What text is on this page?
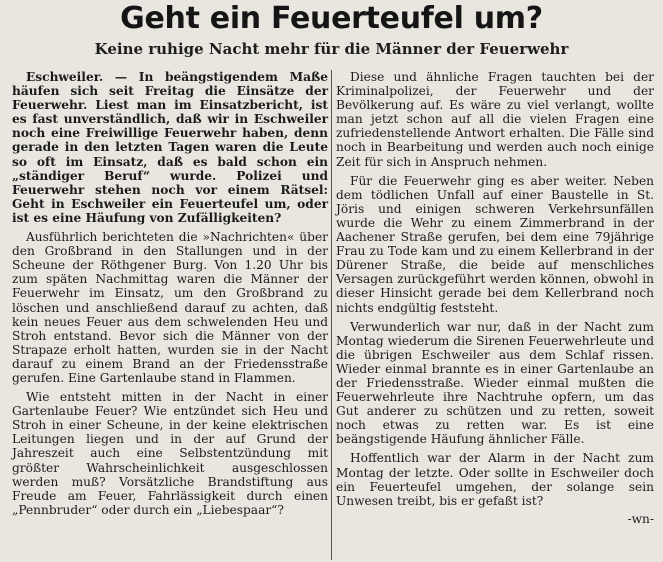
Geht ein Feuerteufel um?
Keine ruhige Nacht mehr für die Männer der Feuerwehr

Eschweiler. — In beängstigendem Maße häufen sich seit Freitag die Einsätze der Feuerwehr. Liest man im Einsatzbericht, ist es fast unverständlich, daß wir in Eschweiler noch eine Freiwillige Feuerwehr haben, denn gerade in den letzten Tagen waren die Leute so oft im Einsatz, daß es bald schon ein „ständiger Beruf“ wurde. Polizei und Feuerwehr stehen noch vor einem Rätsel: Geht in Eschweiler ein Feuerteufel um, oder ist es eine Häufung von Zufälligkeiten?

Ausführlich berichteten die »Nachrichten« über den Großbrand in den Stallungen und in der Scheune der Röthgener Burg. Von 1.20 Uhr bis zum späten Nachmittag waren die Männer der Feuerwehr im Einsatz, um den Großbrand zu löschen und anschließend darauf zu achten, daß kein neues Feuer aus dem schwelenden Heu und Stroh entstand. Bevor sich die Männer von der Strapaze erholt hatten, wurden sie in der Nacht darauf zu einem Brand an der Friedensstraße gerufen. Eine Gartenlaube stand in Flammen.

Wie entsteht mitten in der Nacht in einer Gartenlaube Feuer? Wie entzündet sich Heu und Stroh in einer Scheune, in der keine elektrischen Leitungen liegen und in der auf Grund der Jahreszeit auch eine Selbstentzündung mit größter Wahrscheinlichkeit ausgeschlossen werden muß? Vorsätzliche Brandstiftung aus Freude am Feuer, Fahrlässigkeit durch einen „Pennbruder“ oder durch ein „Liebespaar“?

Diese und ähnliche Fragen tauchten bei der Kriminalpolizei, der Feuerwehr und der Bevölkerung auf. Es wäre zu viel verlangt, wollte man jetzt schon auf all die vielen Fragen eine zufriedenstellende Antwort erhalten. Die Fälle sind noch in Bearbeitung und werden auch noch einige Zeit für sich in Anspruch nehmen.

Für die Feuerwehr ging es aber weiter. Neben dem tödlichen Unfall auf einer Baustelle in St. Jöris und einigen schweren Verkehrsunfällen wurde die Wehr zu einem Zimmerbrand in der Aachener Straße gerufen, bei dem eine 79jährige Frau zu Tode kam und zu einem Kellerbrand in der Dürener Straße, die beide auf menschliches Versagen zurückgeführt werden können, obwohl in dieser Hinsicht gerade bei dem Kellerbrand noch nichts endgültig feststeht.

Verwunderlich war nur, daß in der Nacht zum Montag wiederum die Sirenen Feuerwehrleute und die übrigen Eschweiler aus dem Schlaf rissen. Wieder einmal brannte es in einer Gartenlaube an der Friedensstraße. Wieder einmal mußten die Feuerwehrleute ihre Nachtruhe opfern, um das Gut anderer zu schützen und zu retten, soweit noch etwas zu retten war. Es ist eine beängstigende Häufung ähnlicher Fälle.

Hoffentlich war der Alarm in der Nacht zum Montag der letzte. Oder sollte in Eschweiler doch ein Feuerteufel umgehen, der solange sein Unwesen treibt, bis er gefaßt ist?

-wn-
